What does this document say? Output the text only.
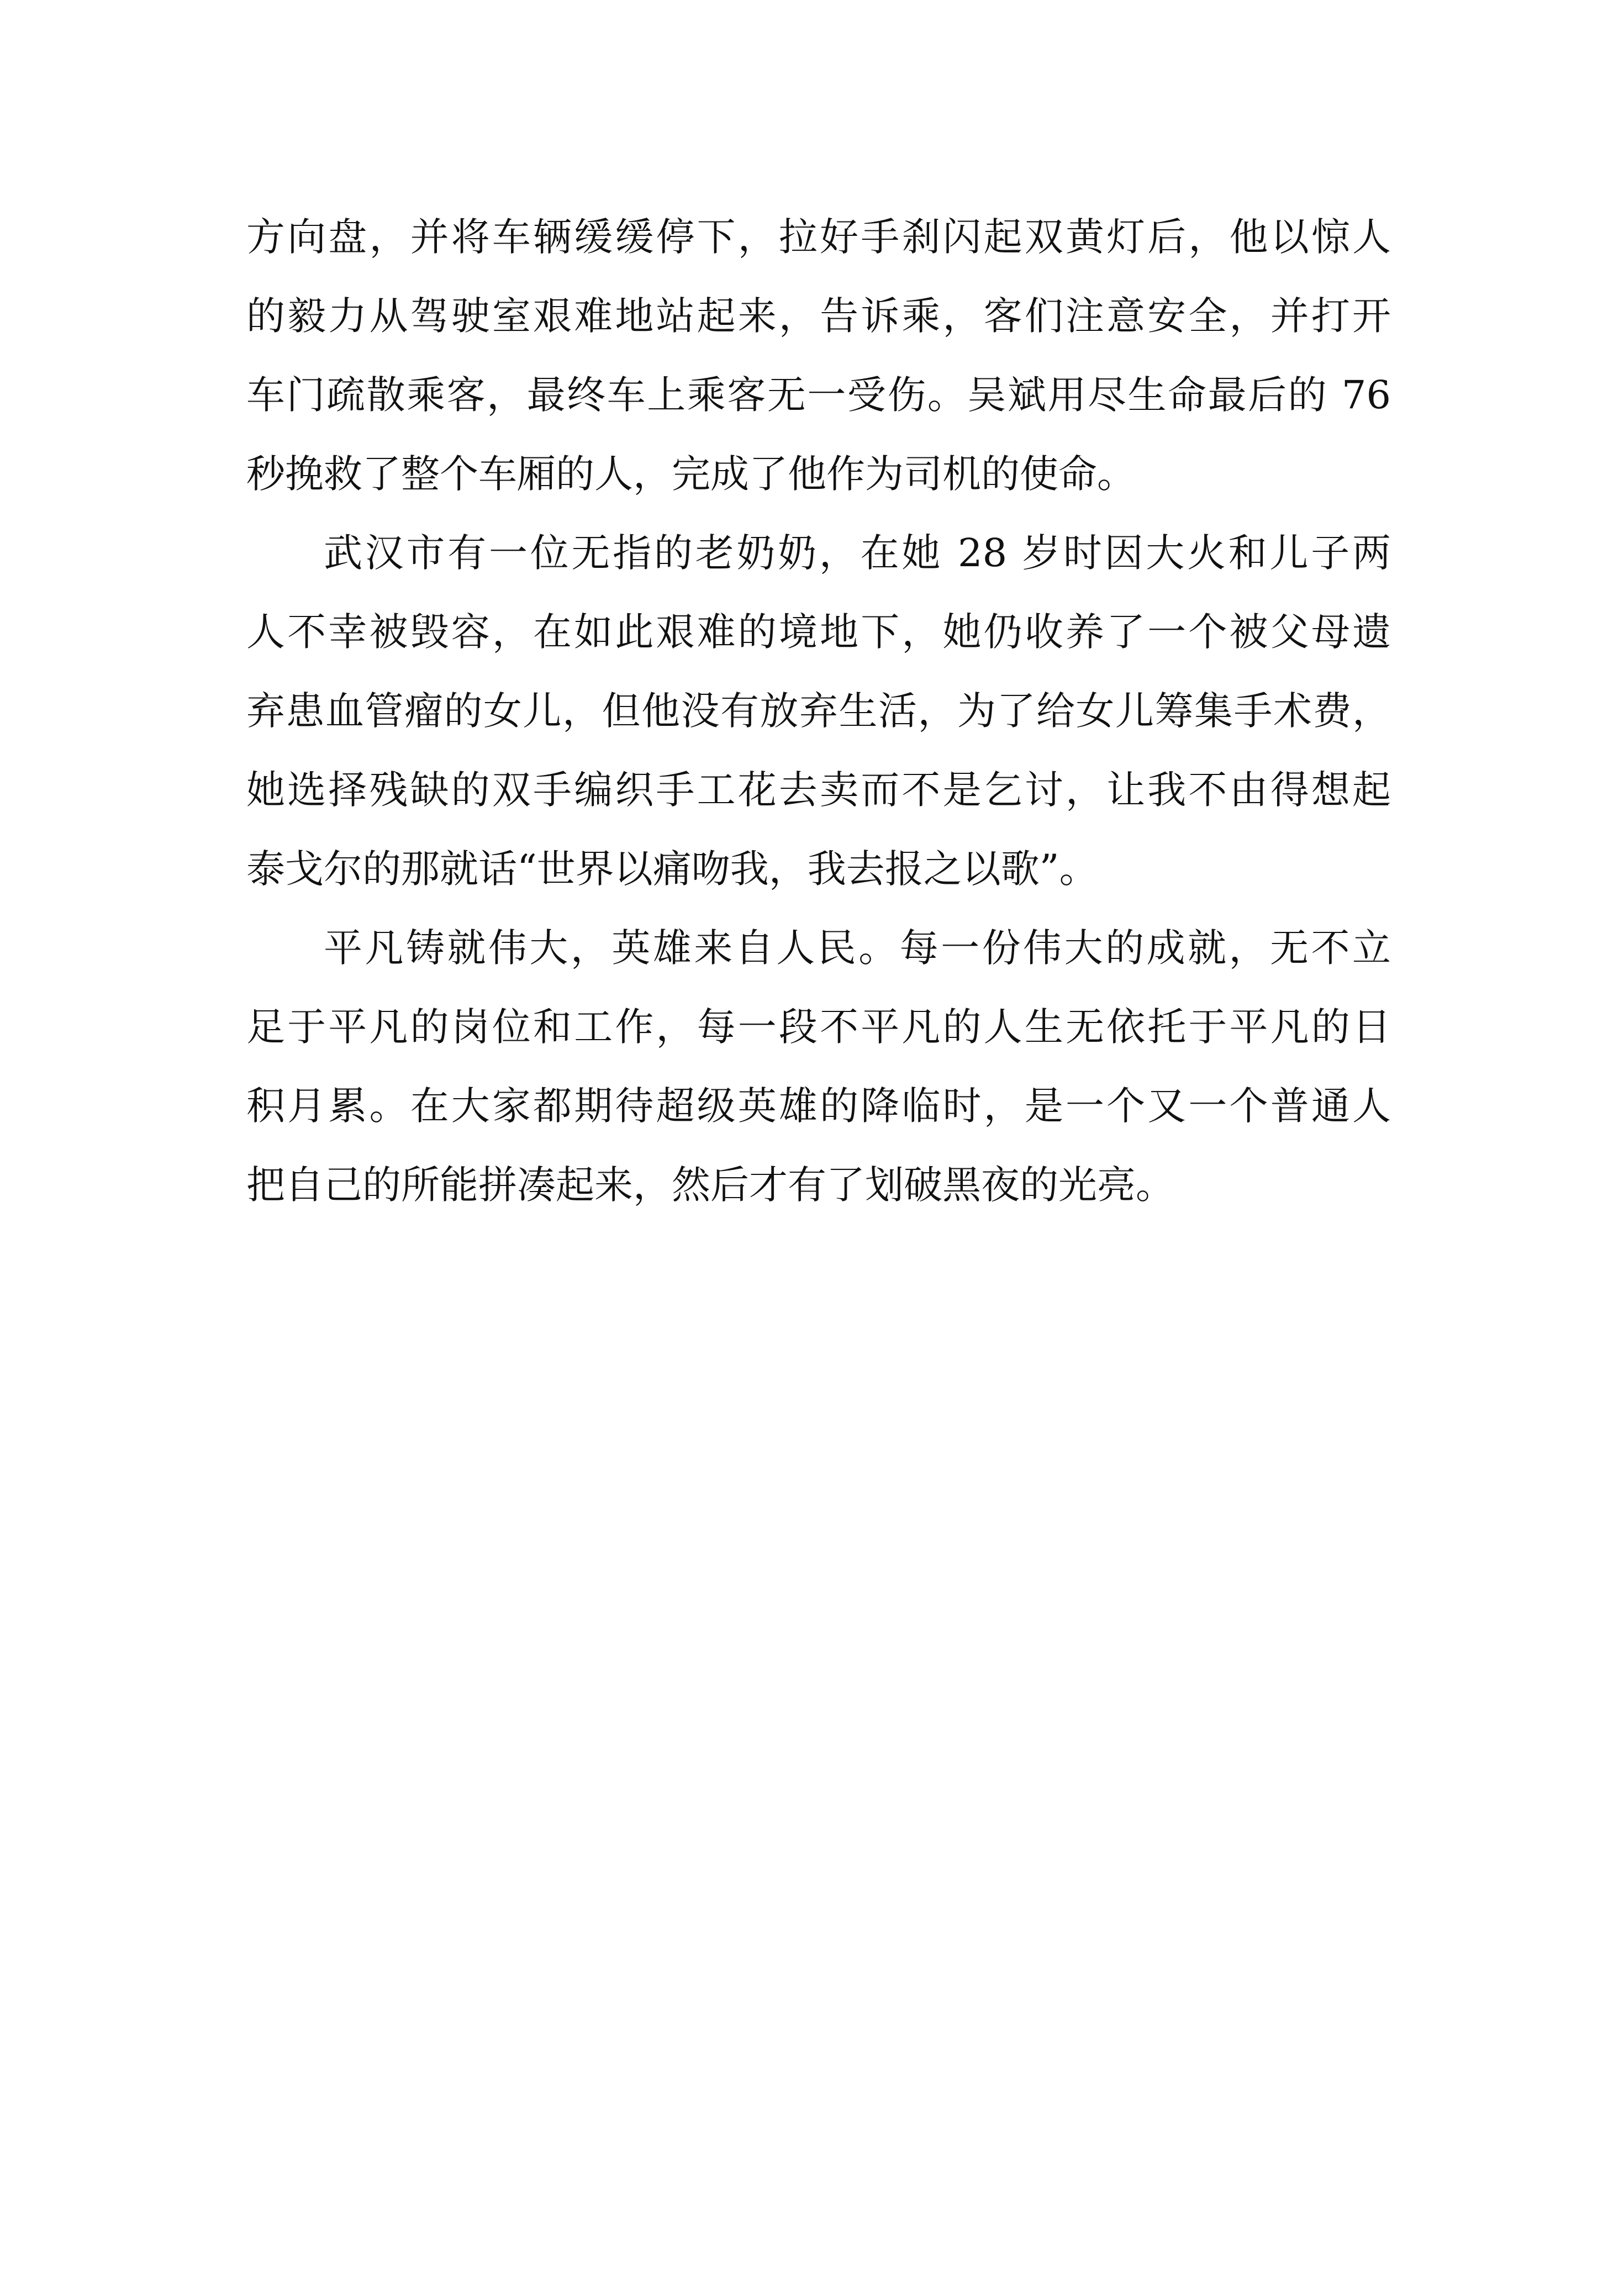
方向盘，并将车辆缓缓停下，拉好手刹闪起双黄灯后，他以惊人
的毅力从驾驶室艰难地站起来，告诉乘，客们注意安全，并打开
车门疏散乘客，最终车上乘客无一受伤。吴斌用尽生命最后的 76
秒挽救了整个车厢的人，完成了他作为司机的使命。
武汉市有一位无指的老奶奶，在她 28 岁时因大火和儿子两
人不幸被毁容，在如此艰难的境地下，她仍收养了一个被父母遗
弃患血管瘤的女儿，但他没有放弃生活，为了给女儿筹集手术费，
她选择残缺的双手编织手工花去卖而不是乞讨，让我不由得想起
泰戈尔的那就话“世界以痛吻我，我去报之以歌”。
平凡铸就伟大，英雄来自人民。每一份伟大的成就，无不立
足于平凡的岗位和工作，每一段不平凡的人生无依托于平凡的日
积月累。在大家都期待超级英雄的降临时，是一个又一个普通人
把自己的所能拼凑起来，然后才有了划破黑夜的光亮。
